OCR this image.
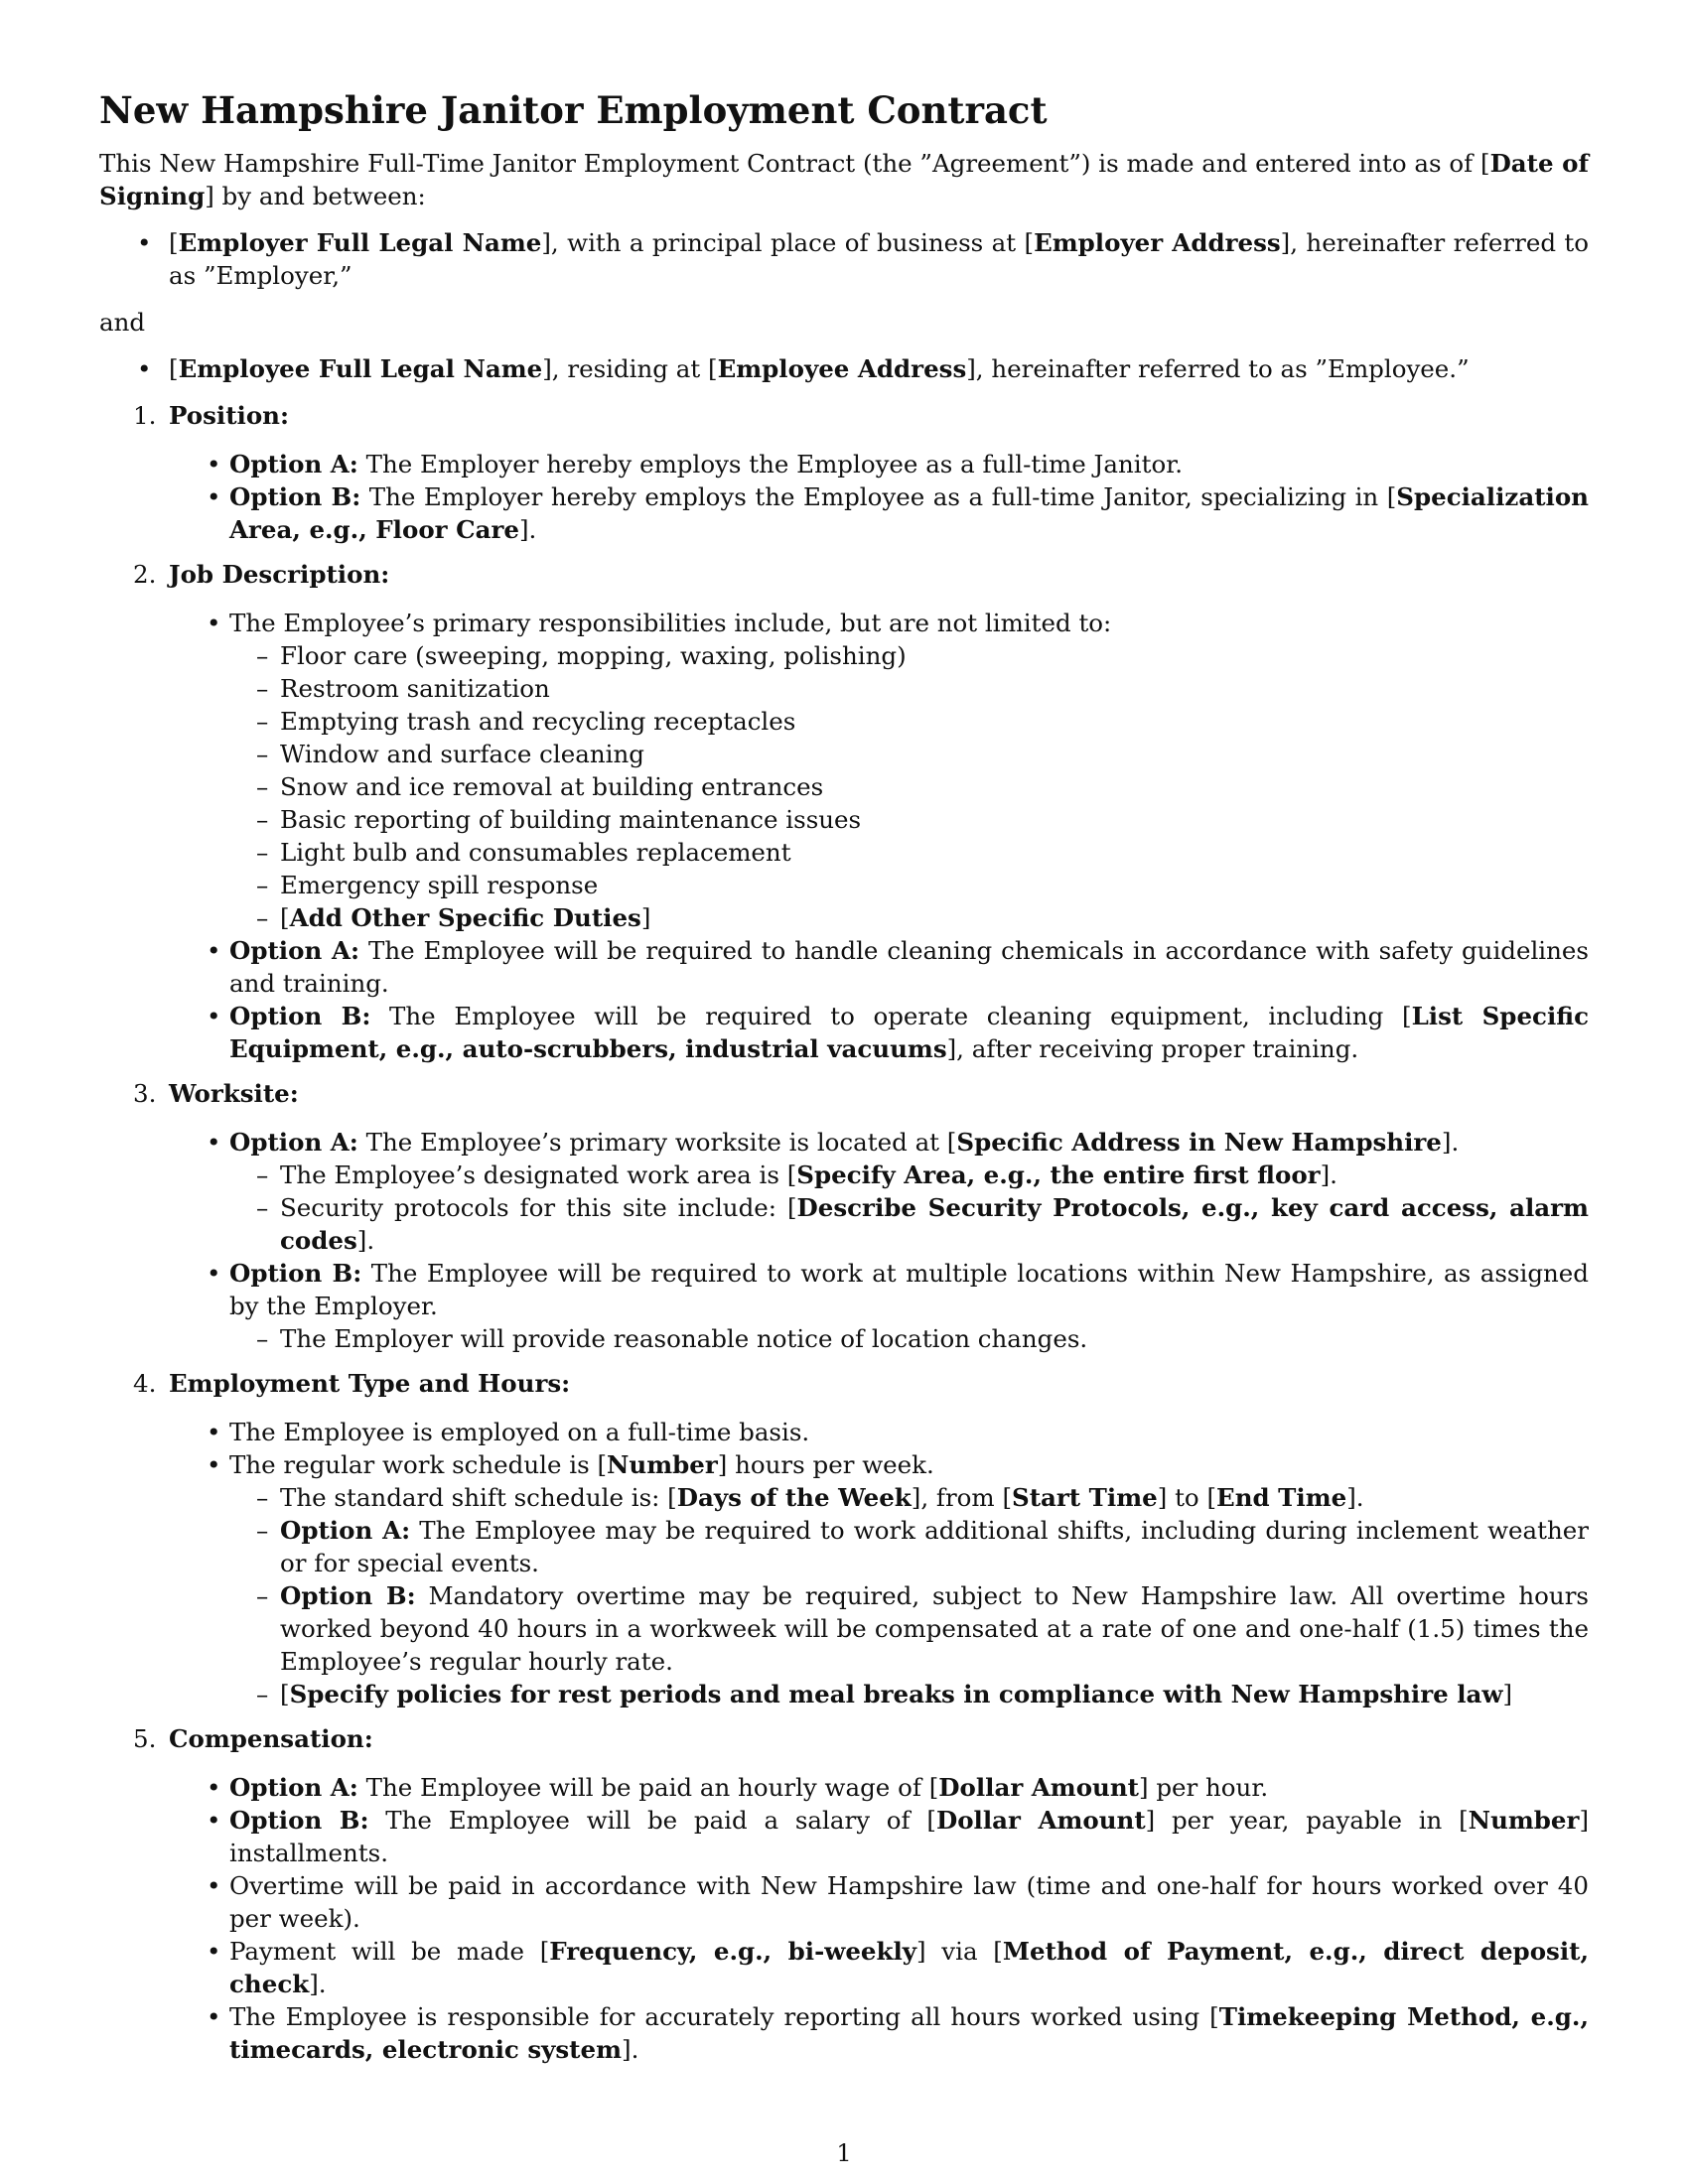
New Hampshire Janitor Employment Contract

This New Hampshire Full-Time Janitor Employment Contract (the ”Agreement”) is made and entered into as of [Date of Signing] by and between:

• [Employer Full Legal Name], with a principal place of business at [Employer Address], hereinafter referred to as ”Employer,”

and

• [Employee Full Legal Name], residing at [Employee Address], hereinafter referred to as ”Employee.”
1. Position:
• Option A: The Employer hereby employs the Employee as a full-time Janitor.
• Option B: The Employer hereby employs the Employee as a full-time Janitor, specializing in [Specialization Area, e.g., Floor Care].
2. Job Description:
• The Employee’s primary responsibilities include, but are not limited to:
– Floor care (sweeping, mopping, waxing, polishing)
– Restroom sanitization
– Emptying trash and recycling receptacles
– Window and surface cleaning
– Snow and ice removal at building entrances
– Basic reporting of building maintenance issues
– Light bulb and consumables replacement
– Emergency spill response
– [Add Other Specific Duties]
• Option A: The Employee will be required to handle cleaning chemicals in accordance with safety guidelines and training.
• Option B: The Employee will be required to operate cleaning equipment, including [List Specific Equipment, e.g., auto-scrubbers, industrial vacuums], after receiving proper training.
3. Worksite:
• Option A: The Employee’s primary worksite is located at [Specific Address in New Hampshire].
– The Employee’s designated work area is [Specify Area, e.g., the entire first floor].
– Security protocols for this site include: [Describe Security Protocols, e.g., key card access, alarm codes].
• Option B: The Employee will be required to work at multiple locations within New Hampshire, as assigned by the Employer.
– The Employer will provide reasonable notice of location changes.
4. Employment Type and Hours:
• The Employee is employed on a full-time basis.
• The regular work schedule is [Number] hours per week.
– The standard shift schedule is: [Days of the Week], from [Start Time] to [End Time].
– Option A: The Employee may be required to work additional shifts, including during inclement weather or for special events.
– Option B: Mandatory overtime may be required, subject to New Hampshire law. All overtime hours worked beyond 40 hours in a workweek will be compensated at a rate of one and one-half (1.5) times the Employee’s regular hourly rate.
– [Specify policies for rest periods and meal breaks in compliance with New Hampshire law]
5. Compensation:
• Option A: The Employee will be paid an hourly wage of [Dollar Amount] per hour.
• Option B: The Employee will be paid a salary of [Dollar Amount] per year, payable in [Number] installments.
• Overtime will be paid in accordance with New Hampshire law (time and one-half for hours worked over 40 per week).
• Payment will be made [Frequency, e.g., bi-weekly] via [Method of Payment, e.g., direct deposit, check].
• The Employee is responsible for accurately reporting all hours worked using [Timekeeping Method, e.g., timecards, electronic system].
1
